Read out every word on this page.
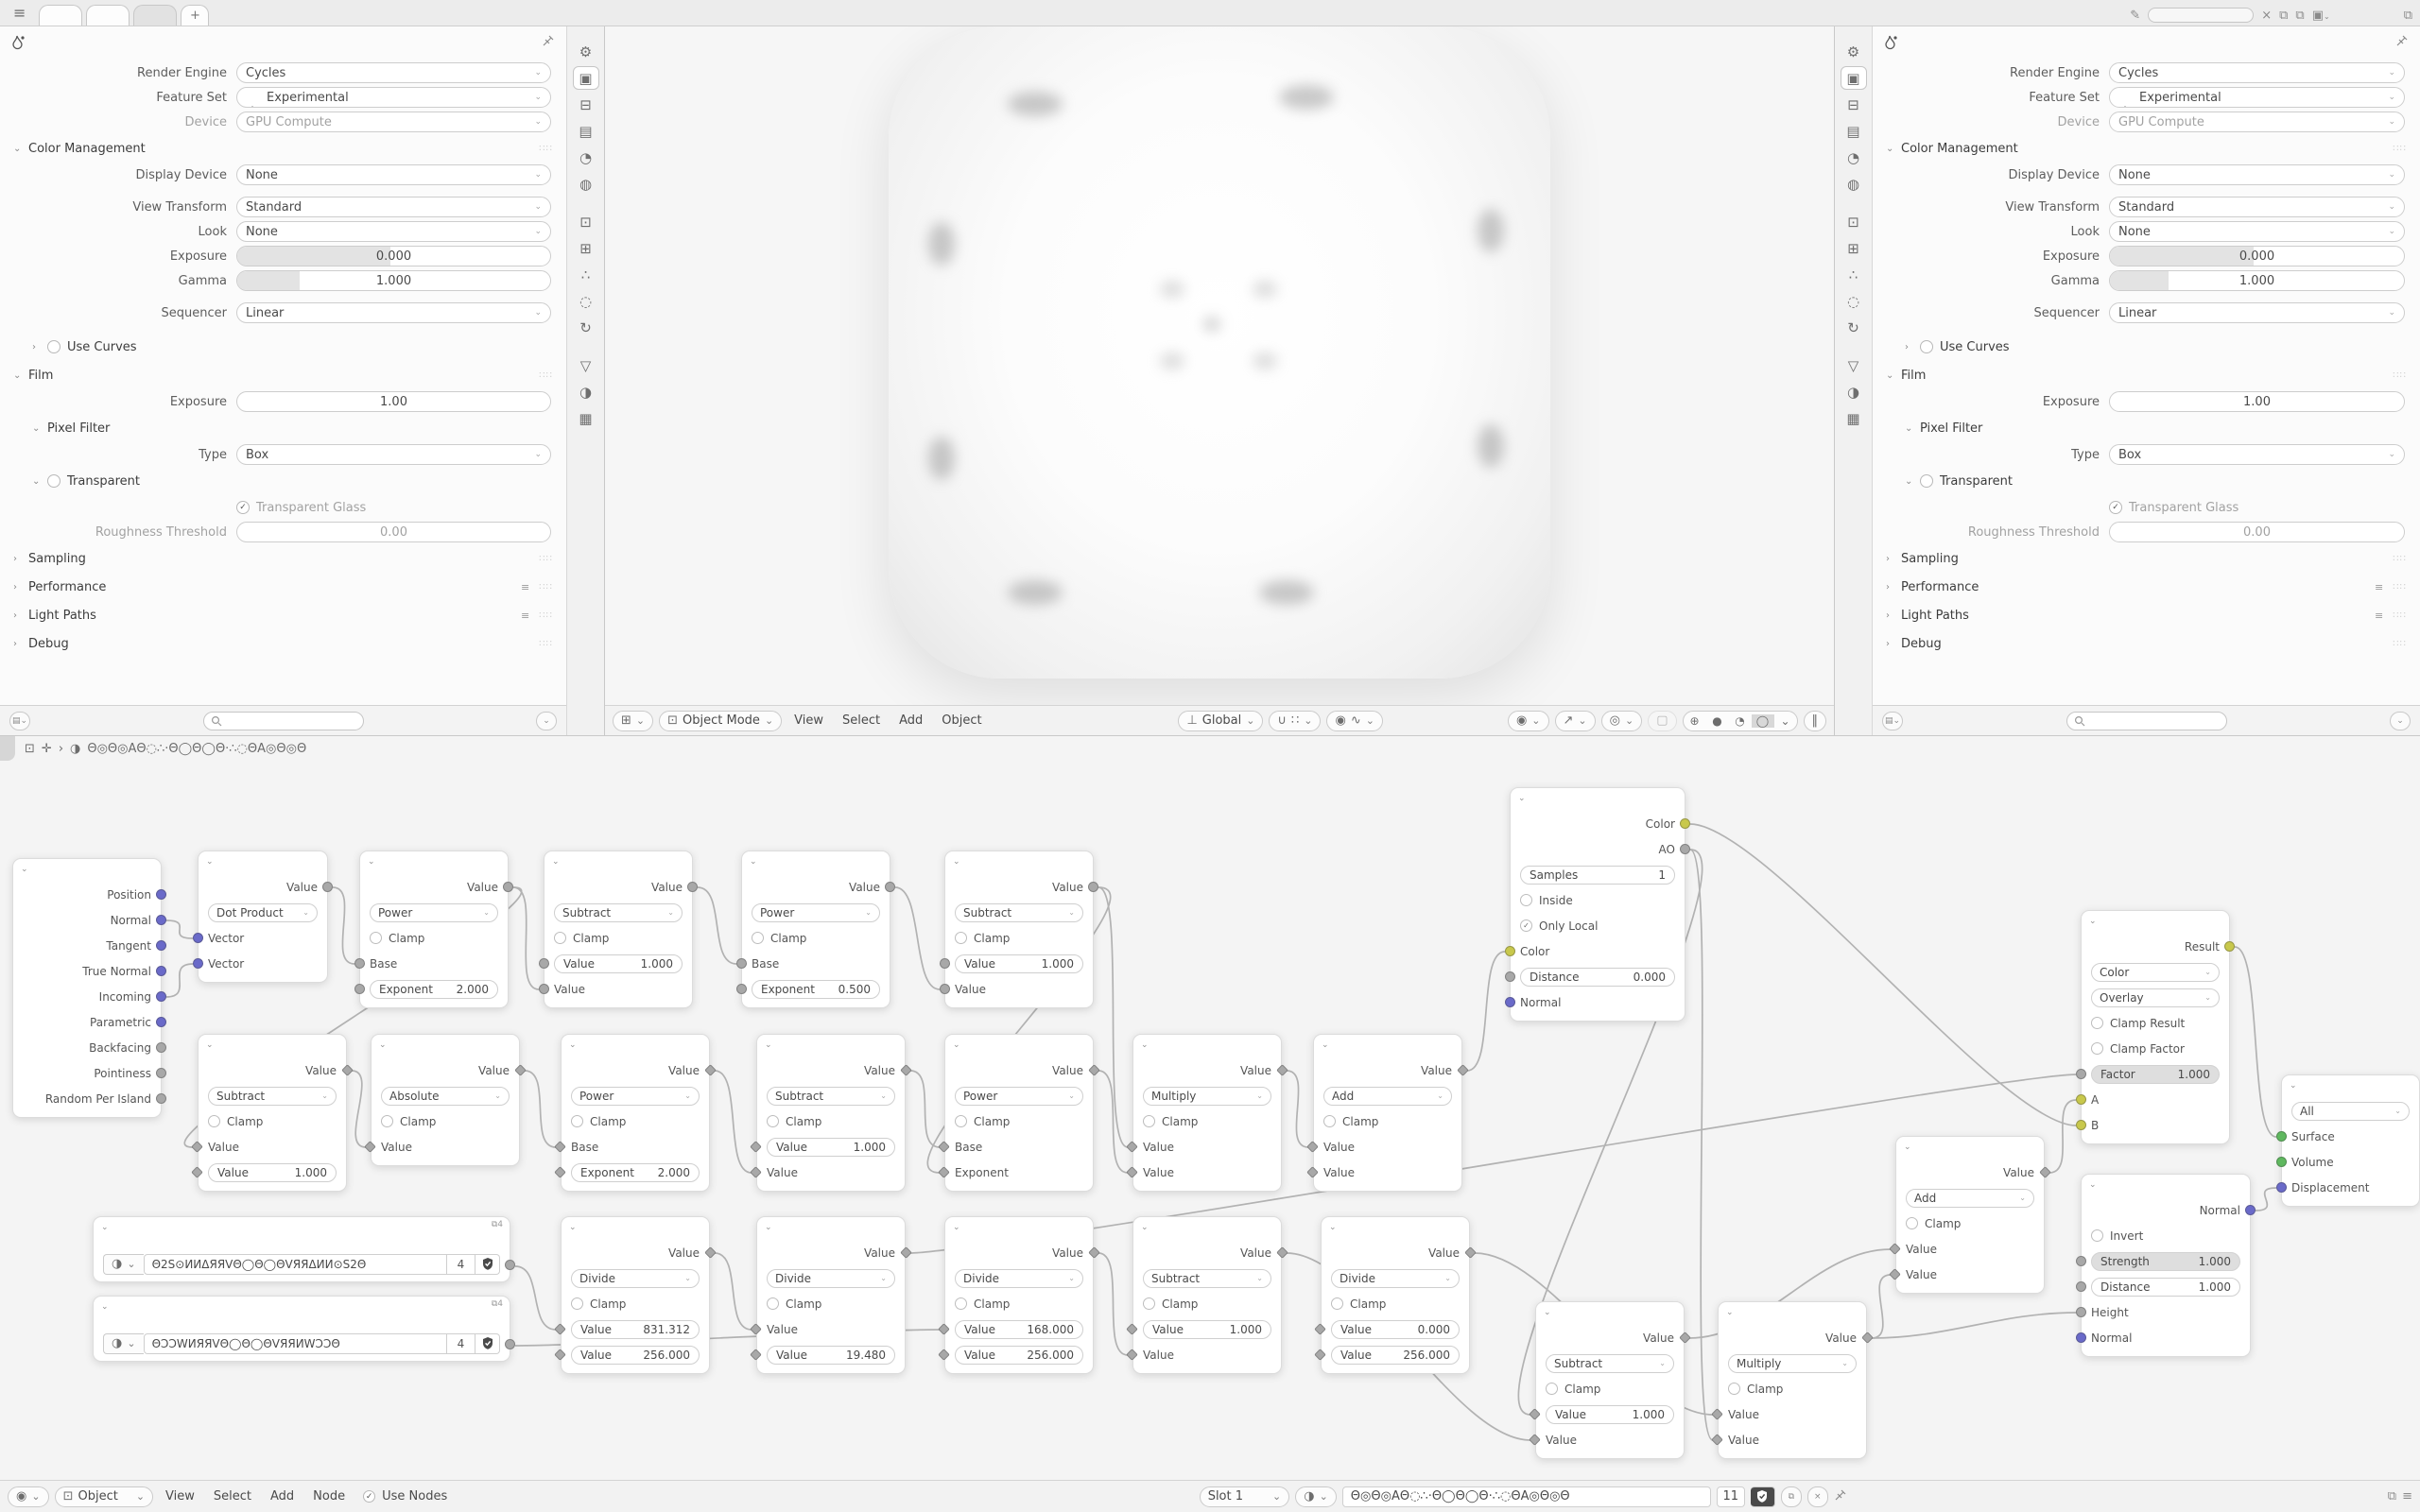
≡	+	✎	× ⧉ ⧉ ▣⌄	⧉
Render Engine Cycles	⌄
Feature Set	! Experimental	⌄
Device GPU Compute	⌄
⌄ Color Management	∷∷
Display Device None	⌄
View Transform Standard	⌄
Look None	⌄
Exposure	0.000
Gamma	1.000
Sequencer Linear	⌄
›	Use Curves
⌄ Film	∷∷
Exposure	1.00
⌄ Pixel Filter
Type Box	⌄
⌄	Transparent
✓ Transparent Glass
Roughness Threshold	0.00
› Sampling	∷∷
› Performance	≡ ∷∷
› Light Paths	≡ ∷∷
› Debug	∷∷
▤⌄	⌄
⚙
▣
⊟
▤
◔
◍
⊡
⊞
∴
◌
↻
▽
◑
▦
⊞ ⌄ ⊡ Object Mode ⌄	View	Select	Add	Object	⊥ Global ⌄ ∪ ∷ ⌄ ◉ ∿ ⌄	◉ ⌄ ↗ ⌄ ◎ ⌄ ▢	⊕	●	◔	◯	⌄	‖
⚙
▣
⊟
▤
◔
◍
⊡
⊞
∴
◌
↻
▽
◑
▦
Render Engine Cycles	⌄
Feature Set	! Experimental	⌄
Device GPU Compute	⌄
⌄ Color Management	∷∷
Display Device None	⌄
View Transform Standard	⌄
Look None	⌄
Exposure	0.000
Gamma	1.000
Sequencer Linear	⌄
›	Use Curves
⌄ Film	∷∷
Exposure	1.00
⌄ Pixel Filter
Type Box	⌄
⌄	Transparent
✓ Transparent Glass
Roughness Threshold	0.00
› Sampling	∷∷
› Performance	≡ ∷∷
› Light Paths	≡ ∷∷
› Debug	∷∷
▤⌄	⌄
⊡ ✛ › ◑ Θ◎Θ◎AΘ◌∴·Θ◯Θ◯Θ·∴◌ΘA◎Θ◎Θ
⌄
Position
Normal
Tangent
True Normal
Incoming
Parametric
Backfacing
Pointiness
Random Per Island
⌄
Value
Dot Product	⌄
Vector
Vector
⌄
Value
Power	⌄
Clamp
Base
Exponent 2.000
⌄
Value
Subtract	⌄
Clamp
Value	1.000
Value
⌄
Value
Power	⌄
Clamp
Base
Exponent 0.500
⌄
Value
Subtract	⌄
Clamp
Value	1.000
Value
⌄
Value
Subtract	⌄
Clamp
Value
Value	1.000
⌄
Value
Absolute	⌄
Clamp
Value
⌄
Value
Power	⌄
Clamp
Base
Exponent 2.000
⌄
Value
Subtract	⌄
Clamp
Value	1.000
Value
⌄
Value
Power	⌄
Clamp
Base
Exponent
⌄
Value
Multiply	⌄
Clamp
Value
Value
⌄
Value
Add	⌄
Clamp
Value
Value
⌄	⧉4
◑ ⌄	Θ2S⊙ИИΔЯЯVΘ◯Θ◯ΘVЯЯΔИИ⊙S2Θ	4
⌄	⧉4
◑ ⌄	ΘƆƆWИЯЯVΘ◯Θ◯ΘVЯЯИWƆƆΘ	4
⌄
Value
Divide	⌄
Clamp
Value	831.312
Value	256.000
⌄
Value
Divide	⌄
Clamp
Value
Value	19.480
⌄
Value
Divide	⌄
Clamp
Value	168.000
Value	256.000
⌄
Value
Subtract	⌄
Clamp
Value	1.000
Value
⌄
Value
Divide	⌄
Clamp
Value	0.000
Value	256.000
⌄
Color
AO
Samples	1
Inside
✓ Only Local
Color
Distance	0.000
Normal
⌄
Value
Subtract	⌄
Clamp
Value	1.000
Value
⌄
Value
Multiply	⌄
Clamp
Value
Value
⌄
Value
Add	⌄
Clamp
Value
Value
⌄
Result
Color	⌄
Overlay	⌄
Clamp Result
Clamp Factor
Factor	1.000
A
B
⌄
Normal
Invert
Strength	1.000
Distance	1.000
Height
Normal
⌄
All	⌄
Surface
Volume
Displacement
◉ ⌄ ⊡ Object ⌄	View	Select	Add	Node	✓ Use Nodes	Slot 1	⌄ ◑ ⌄	Θ◎Θ◎AΘ◌∴·Θ◯Θ◯Θ·∴◌ΘA◎Θ◎Θ	11	⧉	×	⧉ ≡
